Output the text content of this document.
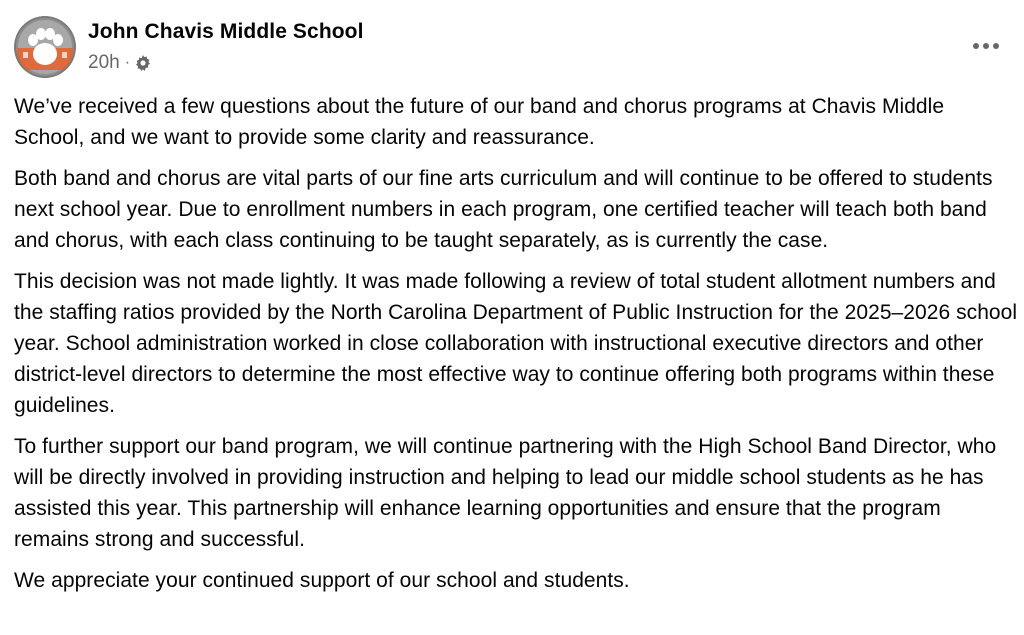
John Chavis Middle School
20h ·

We’ve received a few questions about the future of our band and chorus programs at Chavis Middle School, and we want to provide some clarity and reassurance.

Both band and chorus are vital parts of our fine arts curriculum and will continue to be offered to students next school year. Due to enrollment numbers in each program, one certified teacher will teach both band and chorus, with each class continuing to be taught separately, as is currently the case.

This decision was not made lightly. It was made following a review of total student allotment numbers and the staffing ratios provided by the North Carolina Department of Public Instruction for the 2025–2026 school year. School administration worked in close collaboration with instructional executive directors and other district-level directors to determine the most effective way to continue offering both programs within these guidelines.

To further support our band program, we will continue partnering with the High School Band Director, who will be directly involved in providing instruction and helping to lead our middle school students as he has assisted this year. This partnership will enhance learning opportunities and ensure that the program remains strong and successful.

We appreciate your continued support of our school and students.
